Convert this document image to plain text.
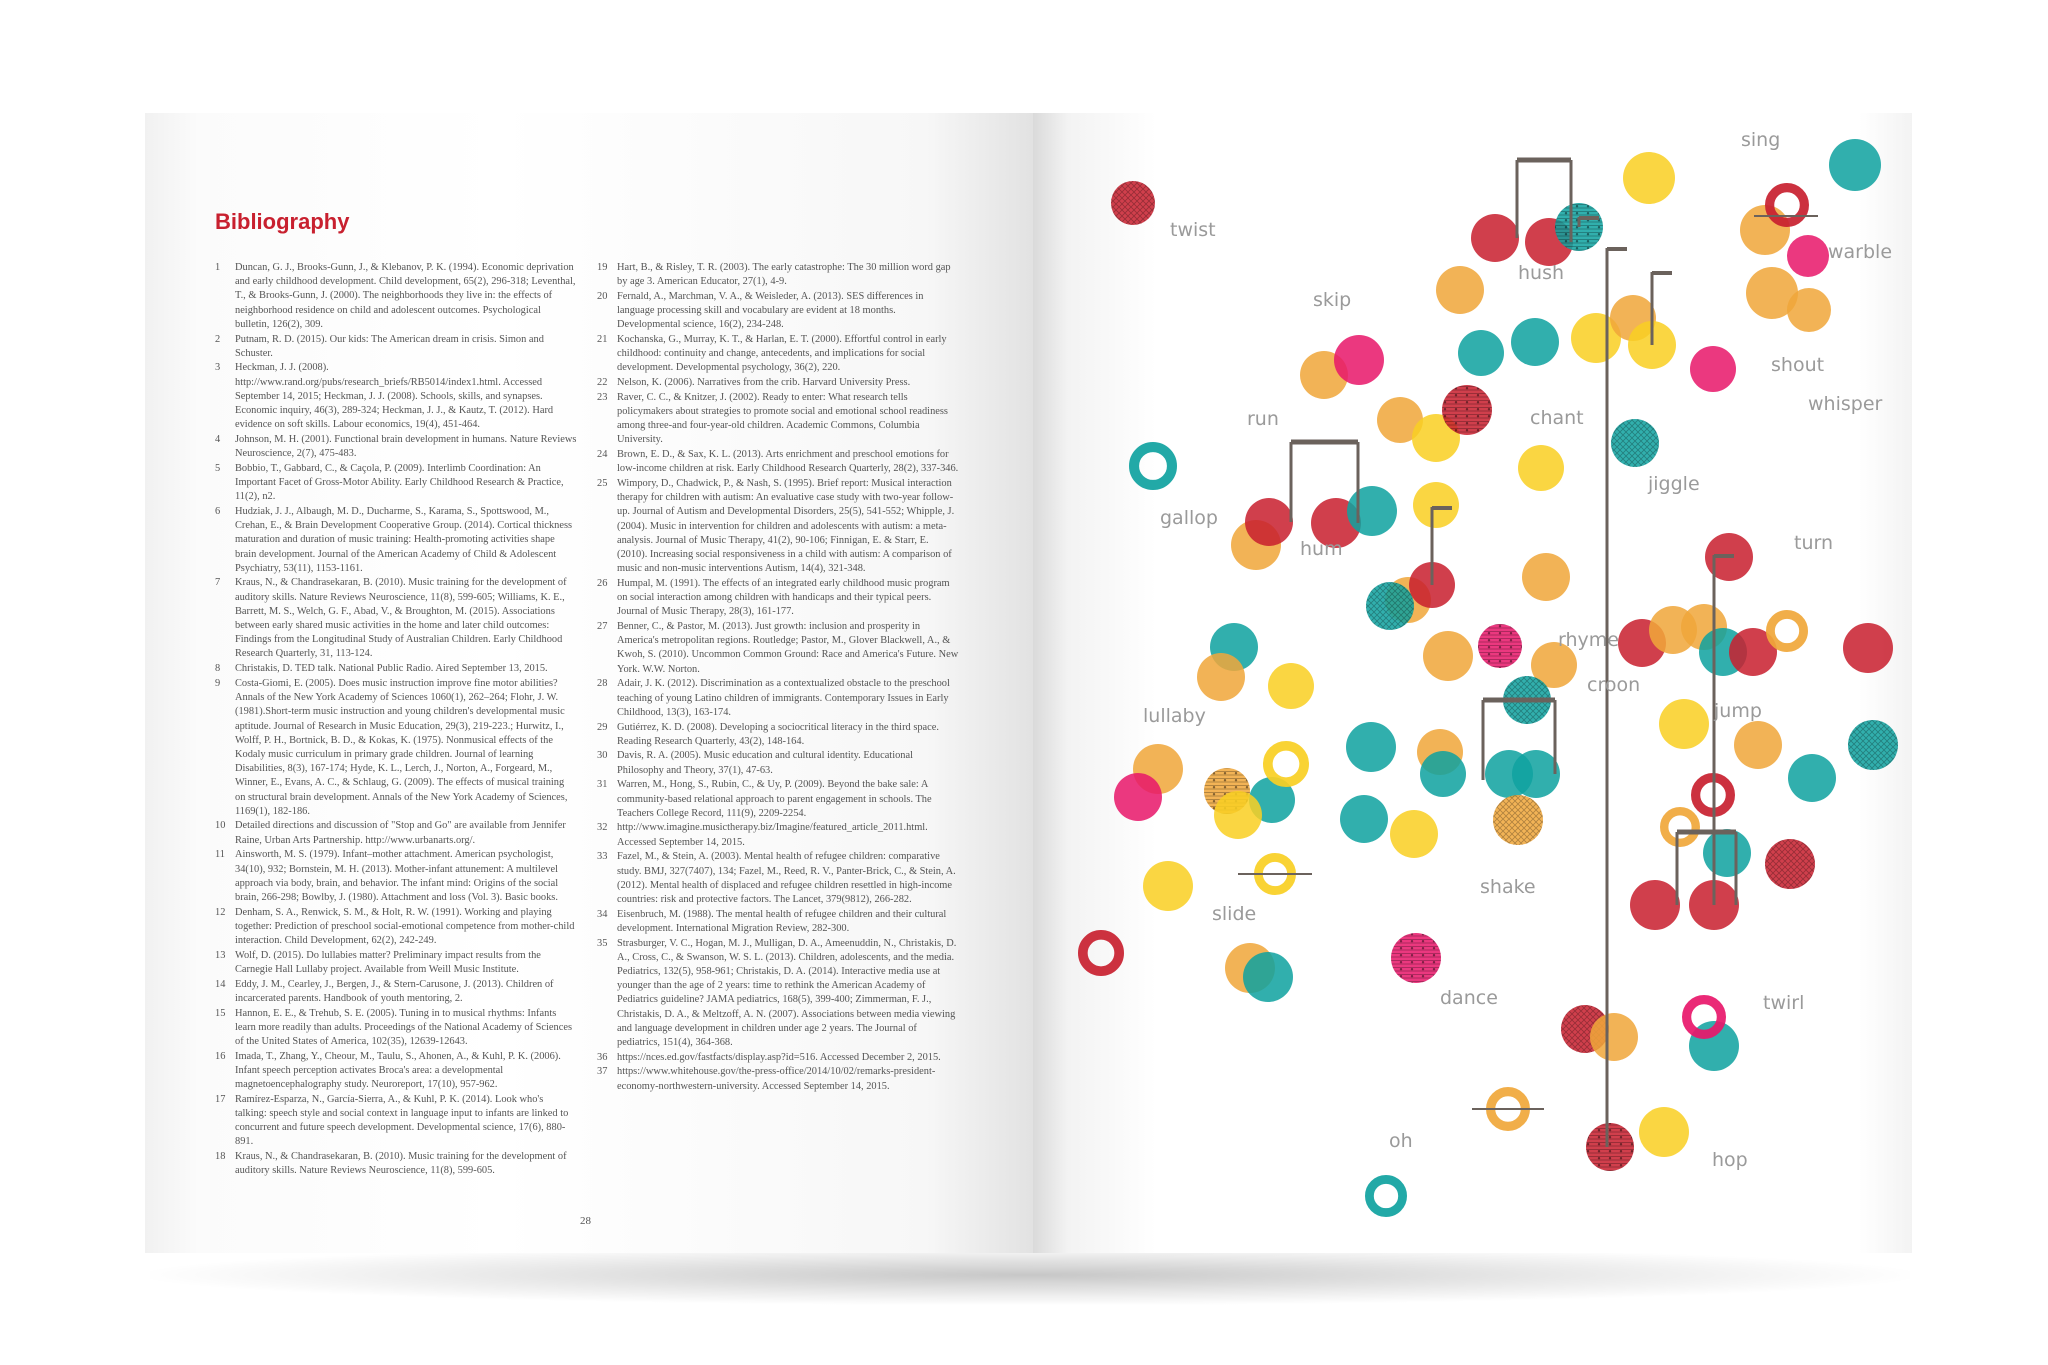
Bibliography
1	Duncan, G. J., Brooks-Gunn, J., & Klebanov, P. K. (1994). Economic deprivation and early childhood development. Child development, 65(2), 296-318; Leventhal, T., & Brooks-Gunn, J. (2000). The neighborhoods they live in: the effects of neighborhood residence on child and adolescent outcomes. Psychological bulletin, 126(2), 309.
2	Putnam, R. D. (2015). Our kids: The American dream in crisis. Simon and Schuster.
3	Heckman, J. J. (2008). http://www.rand.org/pubs/research_briefs/RB5014/index1.html. Accessed September 14, 2015; Heckman, J. J. (2008). Schools, skills, and synapses. Economic inquiry, 46(3), 289-324; Heckman, J. J., & Kautz, T. (2012). Hard evidence on soft skills. Labour economics, 19(4), 451-464.
4	Johnson, M. H. (2001). Functional brain development in humans. Nature Reviews Neuroscience, 2(7), 475-483.
5	Bobbio, T., Gabbard, C., & Caçola, P. (2009). Interlimb Coordination: An Important Facet of Gross-Motor Ability. Early Childhood Research & Practice, 11(2), n2.
6	Hudziak, J. J., Albaugh, M. D., Ducharme, S., Karama, S., Spottswood, M., Crehan, E., & Brain Development Cooperative Group. (2014). Cortical thickness maturation and duration of music training: Health-promoting activities shape brain development. Journal of the American Academy of Child & Adolescent Psychiatry, 53(11), 1153-1161.
7	Kraus, N., & Chandrasekaran, B. (2010). Music training for the development of auditory skills. Nature Reviews Neuroscience, 11(8), 599-605; Williams, K. E., Barrett, M. S., Welch, G. F., Abad, V., & Broughton, M. (2015). Associations between early shared music activities in the home and later child outcomes: Findings from the Longitudinal Study of Australian Children. Early Childhood Research Quarterly, 31, 113-124.
8	Christakis, D. TED talk. National Public Radio. Aired September 13, 2015.
9	Costa-Giomi, E. (2005). Does music instruction improve fine motor abilities? Annals of the New York Academy of Sciences 1060(1), 262–264; Flohr, J. W. (1981).Short-term music instruction and young children's developmental music aptitude. Journal of Research in Music Education, 29(3), 219-223.; Hurwitz, I., Wolff, P. H., Bortnick, B. D., & Kokas, K. (1975). Nonmusical effects of the Kodaly music curriculum in primary grade children. Journal of learning Disabilities, 8(3), 167-174; Hyde, K. L., Lerch, J., Norton, A., Forgeard, M., Winner, E., Evans, A. C., & Schlaug, G. (2009). The effects of musical training on structural brain development. Annals of the New York Academy of Sciences, 1169(1), 182-186.
10 Detailed directions and discussion of "Stop and Go" are available from Jennifer Raine, Urban Arts Partnership. http://www.urbanarts.org/.
11 Ainsworth, M. S. (1979). Infant–mother attachment. American psychologist, 34(10), 932; Bornstein, M. H. (2013). Mother-infant attunement: A multilevel approach via body, brain, and behavior. The infant mind: Origins of the social brain, 266-298; Bowlby, J. (1980). Attachment and loss (Vol. 3). Basic books.
12 Denham, S. A., Renwick, S. M., & Holt, R. W. (1991). Working and playing together: Prediction of preschool social-emotional competence from mother-child interaction. Child Development, 62(2), 242-249.
13 Wolf, D. (2015). Do lullabies matter? Preliminary impact results from the Carnegie Hall Lullaby project. Available from Weill Music Institute.
14 Eddy, J. M., Cearley, J., Bergen, J., & Stern-Carusone, J. (2013). Children of incarcerated parents. Handbook of youth mentoring, 2.
15 Hannon, E. E., & Trehub, S. E. (2005). Tuning in to musical rhythms: Infants learn more readily than adults. Proceedings of the National Academy of Sciences of the United States of America, 102(35), 12639-12643.
16 Imada, T., Zhang, Y., Cheour, M., Taulu, S., Ahonen, A., & Kuhl, P. K. (2006). Infant speech perception activates Broca's area: a developmental magnetoencephalography study. Neuroreport, 17(10), 957-962.
17 Ramírez-Esparza, N., García-Sierra, A., & Kuhl, P. K. (2014). Look who's talking: speech style and social context in language input to infants are linked to concurrent and future speech development. Developmental science, 17(6), 880-891.
18 Kraus, N., & Chandrasekaran, B. (2010). Music training for the development of auditory skills. Nature Reviews Neuroscience, 11(8), 599-605.
19 Hart, B., & Risley, T. R. (2003). The early catastrophe: The 30 million word gap by age 3. American Educator, 27(1), 4-9.
20 Fernald, A., Marchman, V. A., & Weisleder, A. (2013). SES differences in language processing skill and vocabulary are evident at 18 months. Developmental science, 16(2), 234-248.
21 Kochanska, G., Murray, K. T., & Harlan, E. T. (2000). Effortful control in early childhood: continuity and change, antecedents, and implications for social development. Developmental psychology, 36(2), 220.
22 Nelson, K. (2006). Narratives from the crib. Harvard University Press.
23 Raver, C. C., & Knitzer, J. (2002). Ready to enter: What research tells policymakers about strategies to promote social and emotional school readiness among three-and four-year-old children. Academic Commons, Columbia University.
24 Brown, E. D., & Sax, K. L. (2013). Arts enrichment and preschool emotions for low-income children at risk. Early Childhood Research Quarterly, 28(2), 337-346.
25 Wimpory, D., Chadwick, P., & Nash, S. (1995). Brief report: Musical interaction therapy for children with autism: An evaluative case study with two-year follow-up. Journal of Autism and Developmental Disorders, 25(5), 541-552; Whipple, J. (2004). Music in intervention for children and adolescents with autism: a meta-analysis. Journal of Music Therapy, 41(2), 90-106; Finnigan, E. & Starr, E. (2010). Increasing social responsiveness in a child with autism: A comparison of music and non-music interventions Autism, 14(4), 321-348.
26 Humpal, M. (1991). The effects of an integrated early childhood music program on social interaction among children with handicaps and their typical peers. Journal of Music Therapy, 28(3), 161-177.
27 Benner, C., & Pastor, M. (2013). Just growth: inclusion and prosperity in America's metropolitan regions. Routledge; Pastor, M., Glover Blackwell, A., & Kwoh, S. (2010). Uncommon Common Ground: Race and America's Future. New York. W.W. Norton.
28 Adair, J. K. (2012). Discrimination as a contextualized obstacle to the preschool teaching of young Latino children of immigrants. Contemporary Issues in Early Childhood, 13(3), 163-174.
29 Gutiérrez, K. D. (2008). Developing a sociocritical literacy in the third space. Reading Research Quarterly, 43(2), 148-164.
30 Davis, R. A. (2005). Music education and cultural identity. Educational Philosophy and Theory, 37(1), 47-63.
31 Warren, M., Hong, S., Rubin, C., & Uy, P. (2009). Beyond the bake sale: A community-based relational approach to parent engagement in schools. The Teachers College Record, 111(9), 2209-2254.
32 http://www.imagine.musictherapy.biz/Imagine/featured_article_2011.html. Accessed September 14, 2015.
33 Fazel, M., & Stein, A. (2003). Mental health of refugee children: comparative study. BMJ, 327(7407), 134; Fazel, M., Reed, R. V., Panter-Brick, C., & Stein, A. (2012). Mental health of displaced and refugee children resettled in high-income countries: risk and protective factors. The Lancet, 379(9812), 266-282.
34 Eisenbruch, M. (1988). The mental health of refugee children and their cultural development. International Migration Review, 282-300.
35 Strasburger, V. C., Hogan, M. J., Mulligan, D. A., Ameenuddin, N., Christakis, D. A., Cross, C., & Swanson, W. S. L. (2013). Children, adolescents, and the media. Pediatrics, 132(5), 958-961; Christakis, D. A. (2014). Interactive media use at younger than the age of 2 years: time to rethink the American Academy of Pediatrics guideline? JAMA pediatrics, 168(5), 399-400; Zimmerman, F. J., Christakis, D. A., & Meltzoff, A. N. (2007). Associations between media viewing and language development in children under age 2 years. The Journal of pediatrics, 151(4), 364-368.
36 https://nces.ed.gov/fastfacts/display.asp?id=516. Accessed December 2, 2015.
37 https://www.whitehouse.gov/the-press-office/2014/10/02/remarks-president-economy-northwestern-university. Accessed September 14, 2015.
28
twist
sing
warble
hush
skip
shout
whisper
chant
run
jiggle
gallop
hum	turn
rhyme
croon
lullaby	jump
shake
slide
dance	twirl
hop
oh
